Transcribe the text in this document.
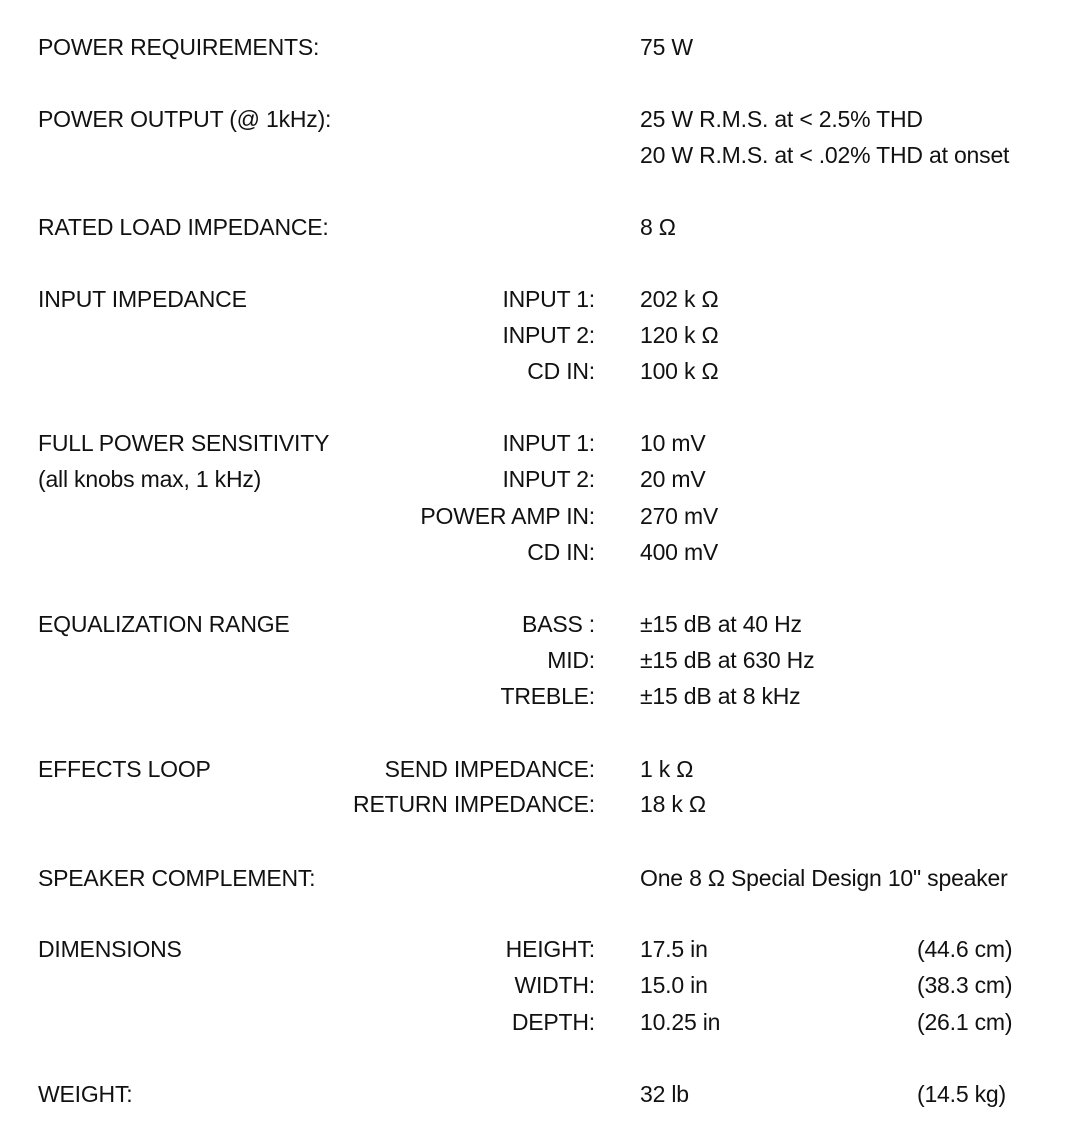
POWER REQUIREMENTS:	75 W
POWER OUTPUT (@ 1kHz):	25 W R.M.S. at < 2.5% THD
20 W R.M.S. at < .02% THD at onset
RATED LOAD IMPEDANCE:	8 Ω
INPUT IMPEDANCE	INPUT 1: 202 k Ω
INPUT 2: 120 k Ω
CD IN: 100 k Ω
FULL POWER SENSITIVITY
(all knobs max, 1 kHz)
INPUT 1: 10 mV
INPUT 2: 20 mV
POWER AMP IN: 270 mV
CD IN: 400 mV
EQUALIZATION RANGE	BASS : ±15 dB at 40 Hz
MID: ±15 dB at 630 Hz
TREBLE: ±15 dB at 8 kHz
EFFECTS LOOP	SEND IMPEDANCE: 1 k Ω
RETURN IMPEDANCE: 18 k Ω
SPEAKER COMPLEMENT:	One 8 Ω Special Design 10" speaker
DIMENSIONS	HEIGHT: 17.5 in	(44.6 cm)
WIDTH: 15.0 in	(38.3 cm)
DEPTH: 10.25 in	(26.1 cm)
WEIGHT:	32 lb	(14.5 kg)
